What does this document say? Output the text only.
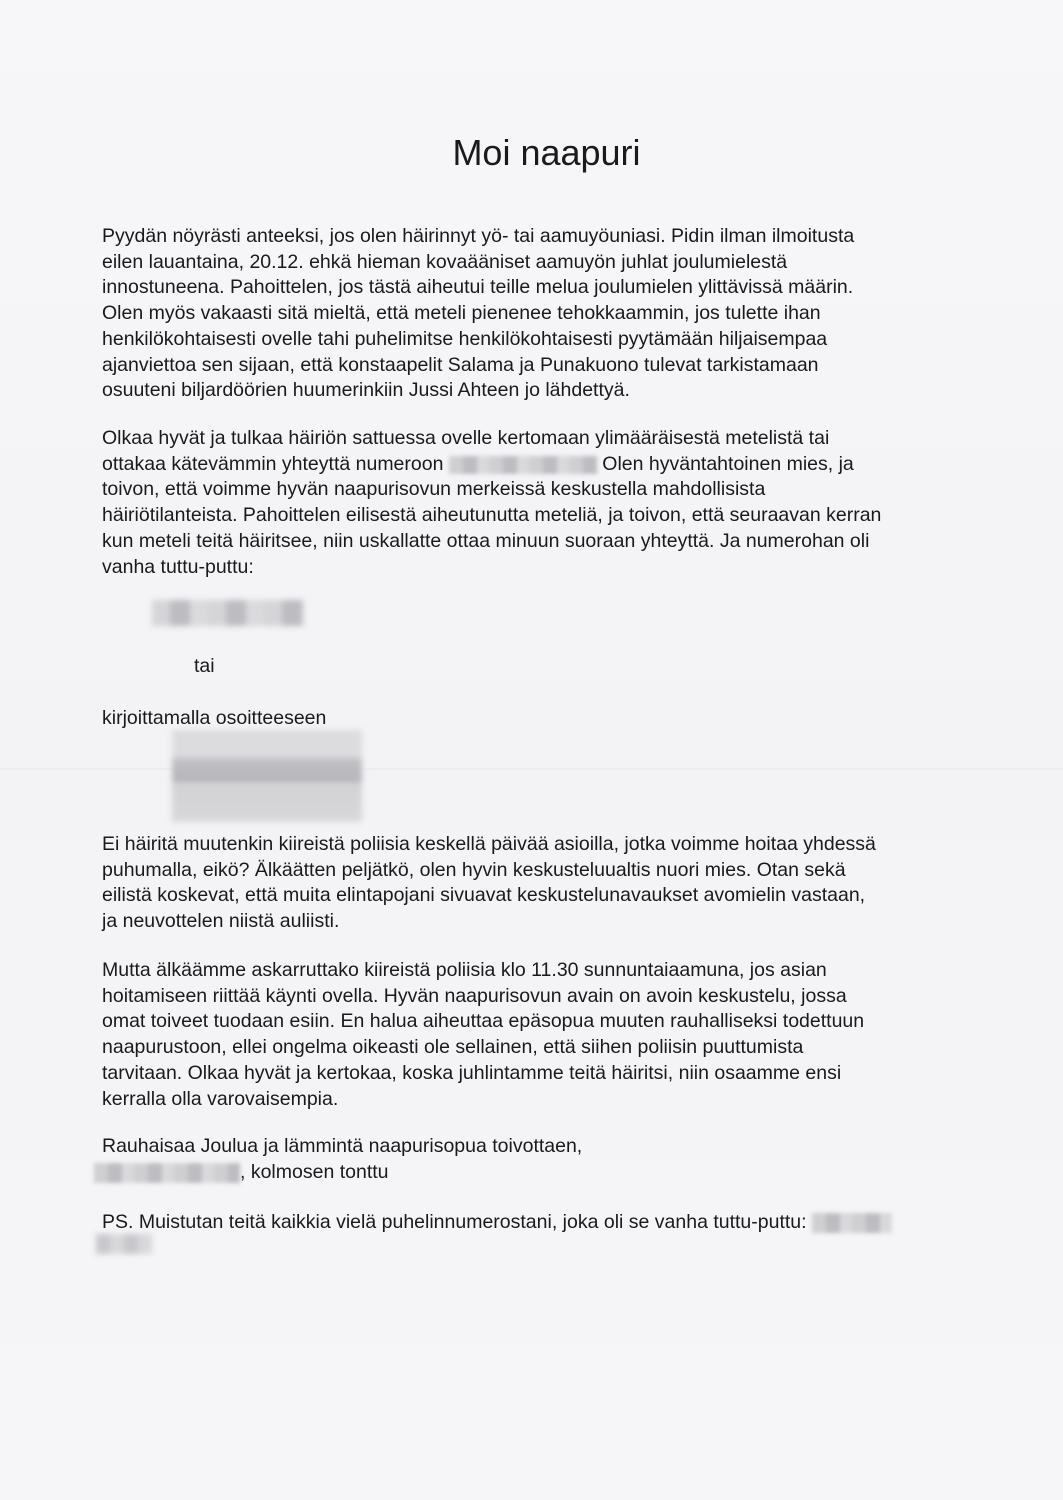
Moi naapuri

Pyydän nöyrästi anteeksi, jos olen häirinnyt yö- tai aamuyöuniasi. Pidin ilman ilmoitusta
eilen lauantaina, 20.12. ehkä hieman kovaääniset aamuyön juhlat joulumielestä
innostuneena. Pahoittelen, jos tästä aiheutui teille melua joulumielen ylittävissä määrin.
Olen myös vakaasti sitä mieltä, että meteli pienenee tehokkaammin, jos tulette ihan
henkilökohtaisesti ovelle tahi puhelimitse henkilökohtaisesti pyytämään hiljaisempaa
ajanviettoa sen sijaan, että konstaapelit Salama ja Punakuono tulevat tarkistamaan
osuuteni biljardöörien huumerinkiin Jussi Ahteen jo lähdettyä.

Olkaa hyvät ja tulkaa häiriön sattuessa ovelle kertomaan ylimääräisestä metelistä tai
ottakaa kätevämmin yhteyttä numeroon	Olen hyväntahtoinen mies, ja
toivon, että voimme hyvän naapurisovun merkeissä keskustella mahdollisista
häiriötilanteista. Pahoittelen eilisestä aiheutunutta meteliä, ja toivon, että seuraavan kerran
kun meteli teitä häiritsee, niin uskallatte ottaa minuun suoraan yhteyttä. Ja numerohan oli
vanha tuttu-puttu:

tai

kirjoittamalla osoitteeseen

Ei häiritä muutenkin kiireistä poliisia keskellä päivää asioilla, jotka voimme hoitaa yhdessä
puhumalla, eikö? Älkäätten peljätkö, olen hyvin keskusteluualtis nuori mies. Otan sekä
eilistä koskevat, että muita elintapojani sivuavat keskustelunavaukset avomielin vastaan,
ja neuvottelen niistä auliisti.

Mutta älkäämme askarruttako kiireistä poliisia klo 11.30 sunnuntaiaamuna, jos asian
hoitamiseen riittää käynti ovella. Hyvän naapurisovun avain on avoin keskustelu, jossa
omat toiveet tuodaan esiin. En halua aiheuttaa epäsopua muuten rauhalliseksi todettuun
naapurustoon, ellei ongelma oikeasti ole sellainen, että siihen poliisin puuttumista
tarvitaan. Olkaa hyvät ja kertokaa, koska juhlintamme teitä häiritsi, niin osaamme ensi
kerralla olla varovaisempia.

Rauhaisaa Joulua ja lämmintä naapurisopua toivottaen,
, kolmosen tonttu

PS. Muistutan teitä kaikkia vielä puhelinnumerostani, joka oli se vanha tuttu-puttu:
